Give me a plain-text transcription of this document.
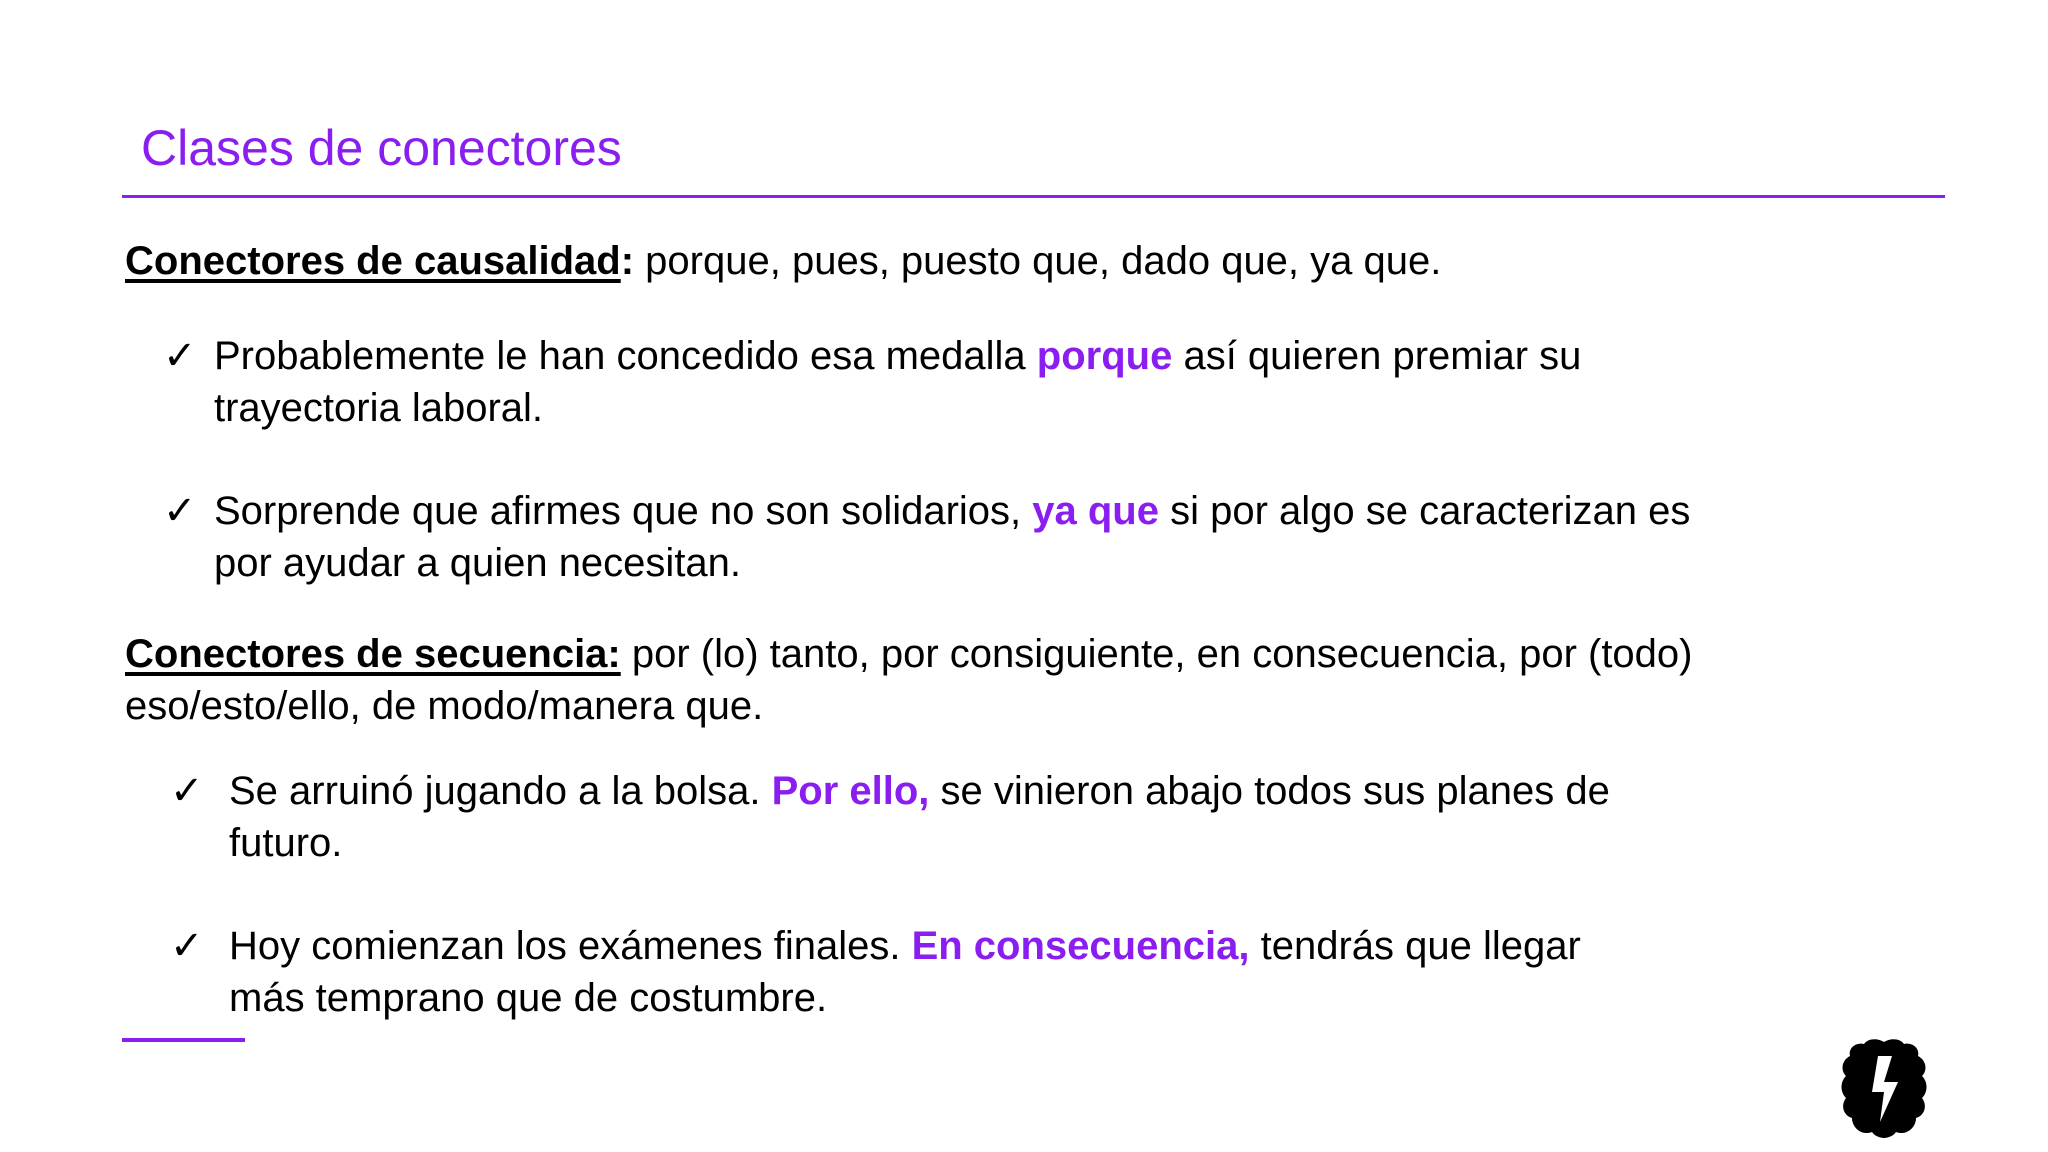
Clases de conectores
Conectores de causalidad: porque, pues, puesto que, dado que, ya que.
✓ Probablemente le han concedido esa medalla porque así quieren premiar su
trayectoria laboral.
✓ Sorprende que afirmes que no son solidarios, ya que si por algo se caracterizan es
por ayudar a quien necesitan.
Conectores de secuencia: por (lo) tanto, por consiguiente, en consecuencia, por (todo)
eso/esto/ello, de modo/manera que.
✓ Se arruinó jugando a la bolsa. Por ello, se vinieron abajo todos sus planes de
futuro.
✓ Hoy comienzan los exámenes finales. En consecuencia, tendrás que llegar
más temprano que de costumbre.
